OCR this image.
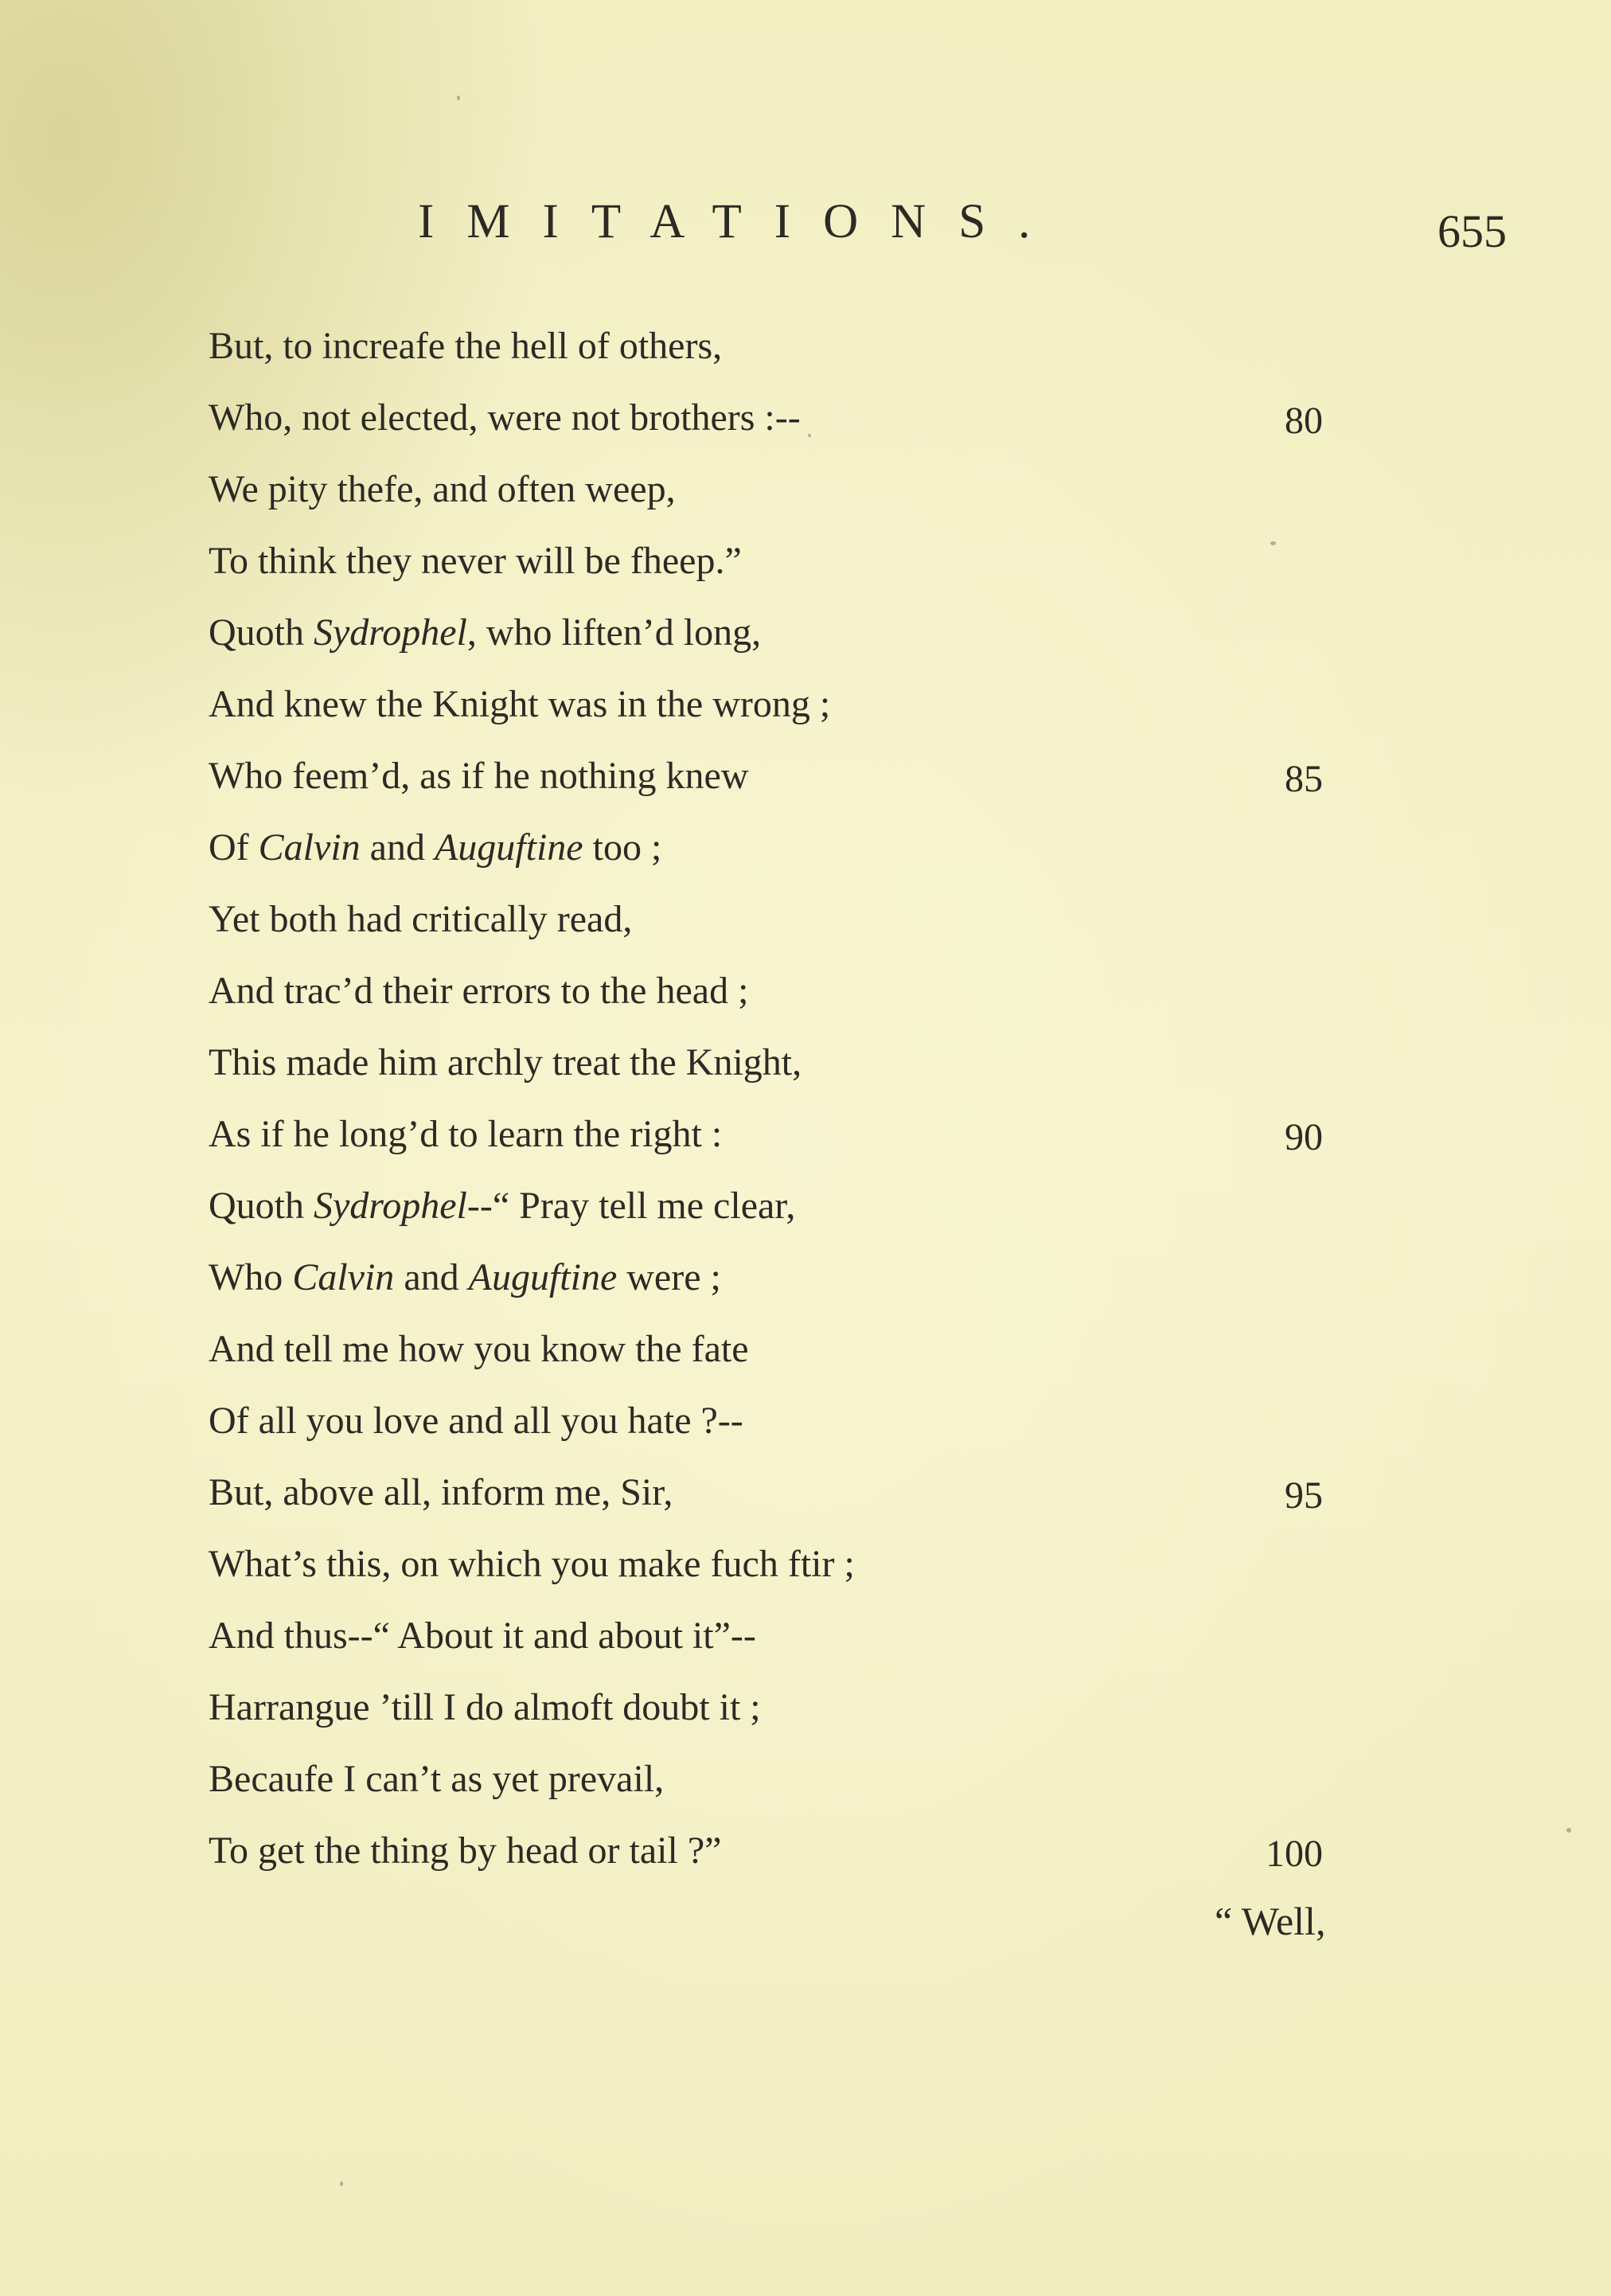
IMITATIONS.	655
But, to increafe the hell of others,
Who, not elected, were not brothers :--	80
We pity thefe, and often weep,
To think they never will be fheep.”
Quoth Sydrophel, who liften’d long,
And knew the Knight was in the wrong ;
Who feem’d, as if he nothing knew	85
Of Calvin and Auguftine too ;
Yet both had critically read,
And trac’d their errors to the head ;
This made him archly treat the Knight,
As if he long’d to learn the right :	90
Quoth Sydrophel--“ Pray tell me clear,
Who Calvin and Auguftine were ;
And tell me how you know the fate
Of all you love and all you hate ?--
But, above all, inform me, Sir,	95
What’s this, on which you make fuch ftir ;
And thus--“ About it and about it”--
Harrangue ’till I do almoft doubt it ;
Becaufe I can’t as yet prevail,
To get the thing by head or tail ?”	100
“ Well,
